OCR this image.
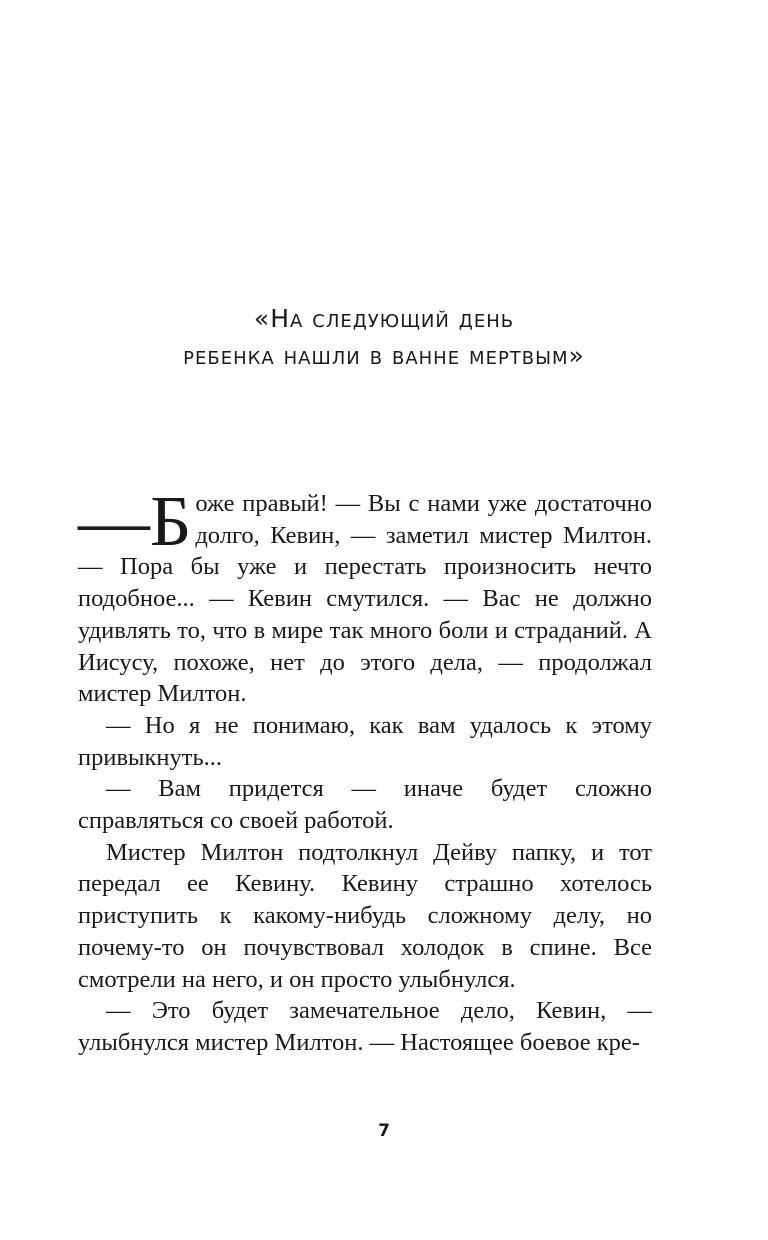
«На следующий день
ребенка нашли в ванне мертвым»

—Б оже правый! — Вы с нами уже достаточно долго, Кевин, — заметил мистер Милтон. — Пора бы уже и перестать произносить нечто подобное... — Кевин смутился. — Вас не должно удивлять то, что в мире так много боли и страданий. А Иисусу, похоже, нет до этого дела, — продолжал мистер Милтон.

— Но я не понимаю, как вам удалось к этому привыкнуть...

— Вам придется — иначе будет сложно справляться со своей работой.

Мистер Милтон подтолкнул Дейву папку, и тот передал ее Кевину. Кевину страшно хотелось приступить к какому-нибудь сложному делу, но почему-то он почувствовал холодок в спине. Все смотрели на него, и он просто улыбнулся.

— Это будет замечательное дело, Кевин, — улыбнулся мистер Милтон. — Настоящее боевое кре-

7
